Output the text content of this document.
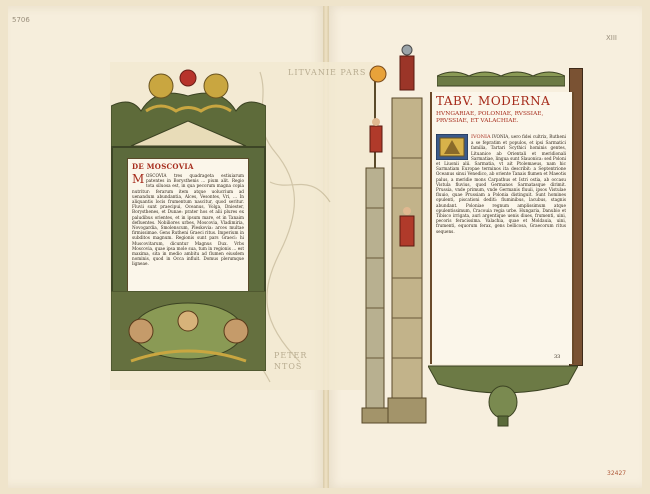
LITVANIE PARS
PETER
NTOS
5706
XIII
32427
DE MOSCOVIA

M OSCOVIA tres quadrageta estiuiarum patentes in Borysthenis ... pium alit. Regio tota siluosa est, in qua pecorum magna copia nutritur: ferarum item atque uolucrium ad uenandum abundantia, Alces, Vesontes, Vri, ... In aliquantis locis frumentum nascitur, quod seritur. Fluvii sunt praecipui, Oceanus, Volga, Dniester, Borysthenes, et Dunae: prater hos et alii plures ex paludibus orientes, et in ipsum mare, et in Tanaim defluentes. Nobiliores urbes, Moscovia, Vladimiria, Novogardia, Smolenscum, Pleskovia: arces multae firmissimae. Gens Rutheni Graeci ritus. Imperium in subditos magnum. Regionis sunt pars Graeci: hi Muscovitarum, dicuntur Magnus Dux. Vrbs Moscovia, quae ipsa mole sua, tum in regionis ... est maxima, sita in medio ambitu ad flumen eiusdem nominis, quod in Occa influit. Domus plerumque ligneae.

TABV. MODERNA
HVNGARIAE, POLONIAE, RVSSIAE, PRVSSIAE, ET VALACHIAE.
IVONIA IVONIA, uero fidei cultrix, Rutheni a se fepratim et populos, et ipsi Sarmatici familia, Tartari Scythici hominis gentes, Lituanice ab Orientali et meridionali Sarmatiae, lingua sunt Slauonica: sed Poloni et Liuonii alii. Sarmatia, vt ait Ptolemaeus, nam hic Sarmatiam Europae terminos ita describit: a Septentrione Oceanus sinui Venedico, ab oriente Tanais flumen et Maeotis palus, a meridie mons Carpathus et Istri ostia, ab occasu Vistula fluvius, quod Germanos Sarmatasque dirimit. Prussia, vnde primum, vnde Germanis fluuii, ipsos Vistulae fluuio, quae Prussiam a Polonia distinguit. Sunt homines opulenti, piscationi dediti: fluminibus, lacubus, stagnis abundant. Poloniae regnum amplissimum atque opulentissimum, Cracouia regia urbe. Hungaria, Danubio et Tibisco irrigata, auri argentique uenis diues, frumenti, uini, pecoris feracissima. Valachia, quae et Moldauia, uini, frumenti, equorum ferax, gens bellicosa, Graecorum ritus sequens.
33
